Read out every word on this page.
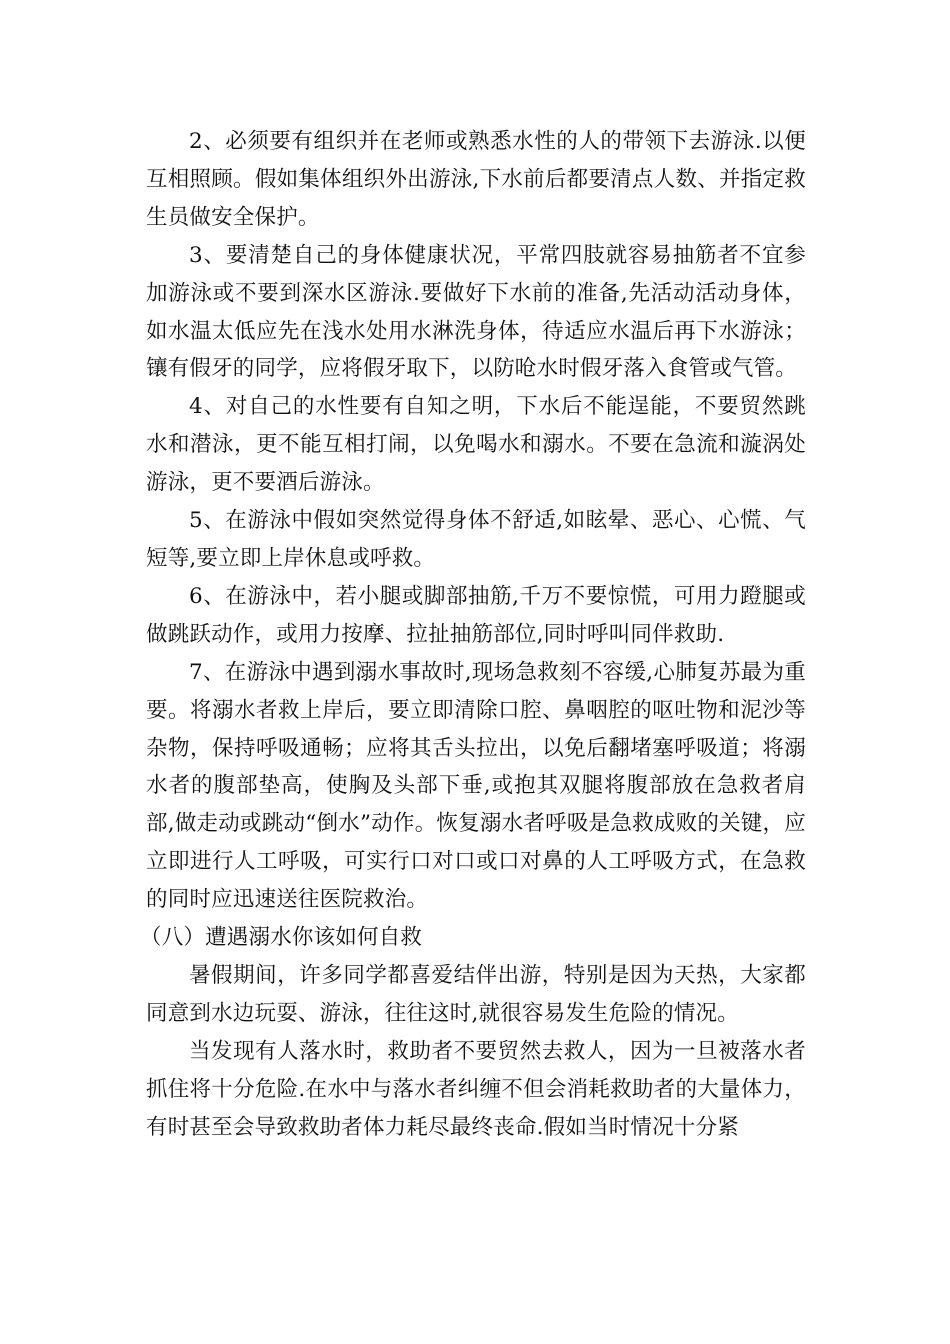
2、必须要有组织并在老师或熟悉水性的人的带领下去游泳.以便互相照顾。假如集体组织外出游泳,下水前后都要清点人数、并指定救生员做安全保护。

3、要清楚自己的身体健康状况，平常四肢就容易抽筋者不宜参加游泳或不要到深水区游泳.要做好下水前的准备,先活动活动身体，如水温太低应先在浅水处用水淋洗身体，待适应水温后再下水游泳；镶有假牙的同学，应将假牙取下，以防呛水时假牙落入食管或气管。

4、对自己的水性要有自知之明，下水后不能逞能，不要贸然跳水和潜泳，更不能互相打闹，以免喝水和溺水。不要在急流和漩涡处游泳，更不要酒后游泳。

5、在游泳中假如突然觉得身体不舒适,如眩晕、恶心、心慌、气短等,要立即上岸休息或呼救。

6、在游泳中，若小腿或脚部抽筋,千万不要惊慌，可用力蹬腿或做跳跃动作，或用力按摩、拉扯抽筋部位,同时呼叫同伴救助.

7、在游泳中遇到溺水事故时,现场急救刻不容缓,心肺复苏最为重要。将溺水者救上岸后，要立即清除口腔、鼻咽腔的呕吐物和泥沙等杂物，保持呼吸通畅；应将其舌头拉出，以免后翻堵塞呼吸道；将溺水者的腹部垫高，使胸及头部下垂,或抱其双腿将腹部放在急救者肩部,做走动或跳动“倒水”动作。恢复溺水者呼吸是急救成败的关键，应立即进行人工呼吸，可实行口对口或口对鼻的人工呼吸方式，在急救的同时应迅速送往医院救治。

（八）遭遇溺水你该如何自救

暑假期间，许多同学都喜爱结伴出游，特别是因为天热，大家都同意到水边玩耍、游泳，往往这时,就很容易发生危险的情况。

当发现有人落水时，救助者不要贸然去救人，因为一旦被落水者抓住将十分危险.在水中与落水者纠缠不但会消耗救助者的大量体力，有时甚至会导致救助者体力耗尽最终丧命.假如当时情况十分紧
